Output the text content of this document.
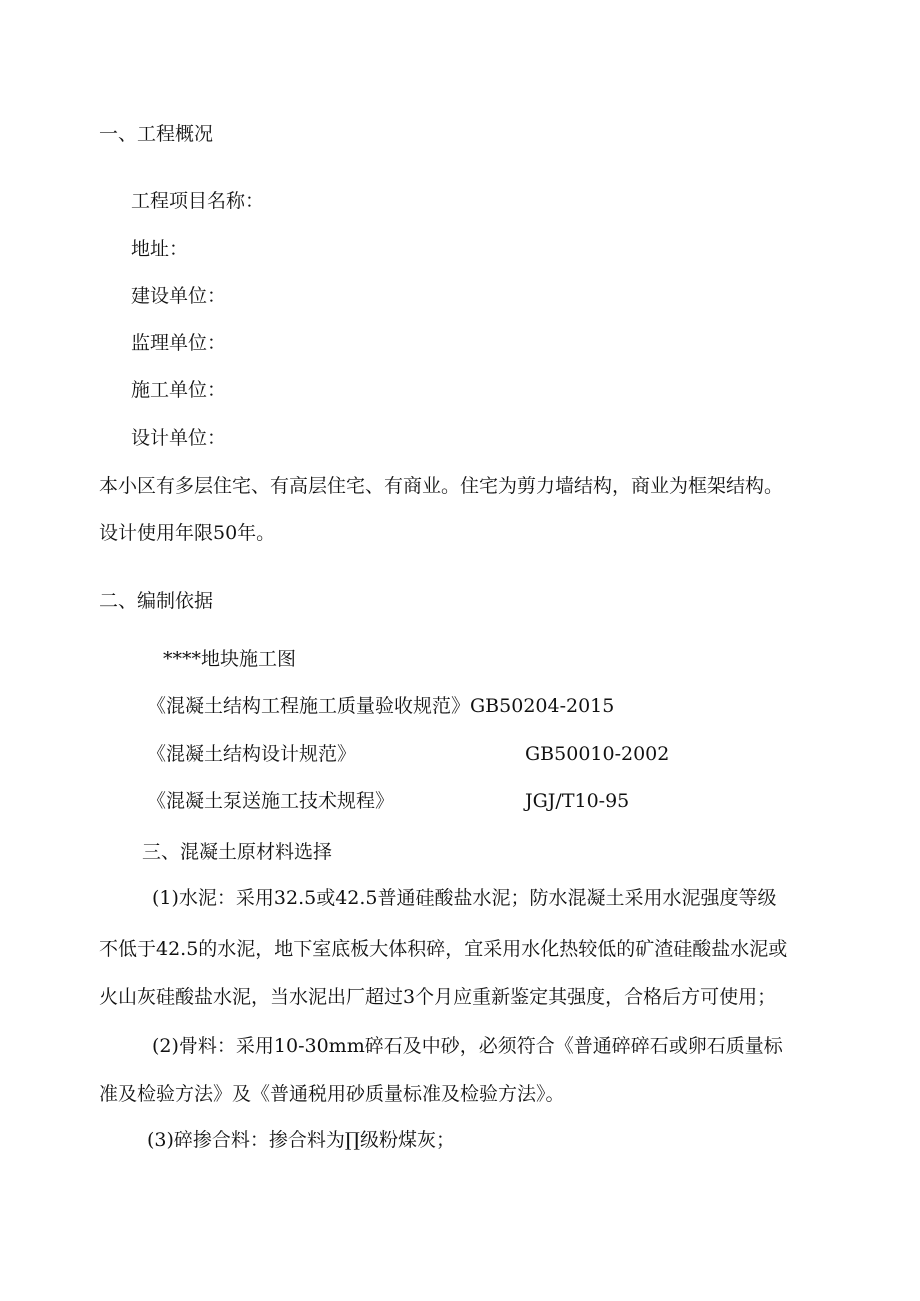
一、工程概况

工程项目名称：

地址：

建设单位：

监理单位：

施工单位：

设计单位：

本小区有多层住宅、有高层住宅、有商业。住宅为剪力墙结构，商业为框架结构。

设计使用年限50年。

二、编制依据

****地块施工图

《混凝土结构工程施工质量验收规范》GB50204-2015

《混凝土结构设计规范》	GB50010-2002

《混凝土泵送施工技术规程》	JGJ/T10-95

三、混凝土原材料选择

(1)水泥：采用32.5或42.5普通硅酸盐水泥；防水混凝土采用水泥强度等级

不低于42.5的水泥，地下室底板大体积碎，宜采用水化热较低的矿渣硅酸盐水泥或

火山灰硅酸盐水泥，当水泥出厂超过3个月应重新鉴定其强度，合格后方可使用；

(2)骨料：采用10-30mm碎石及中砂，必须符合《普通碎碎石或卵石质量标

准及检验方法》及《普通税用砂质量标准及检验方法》。

(3)碎掺合料：掺合料为∏级粉煤灰；
